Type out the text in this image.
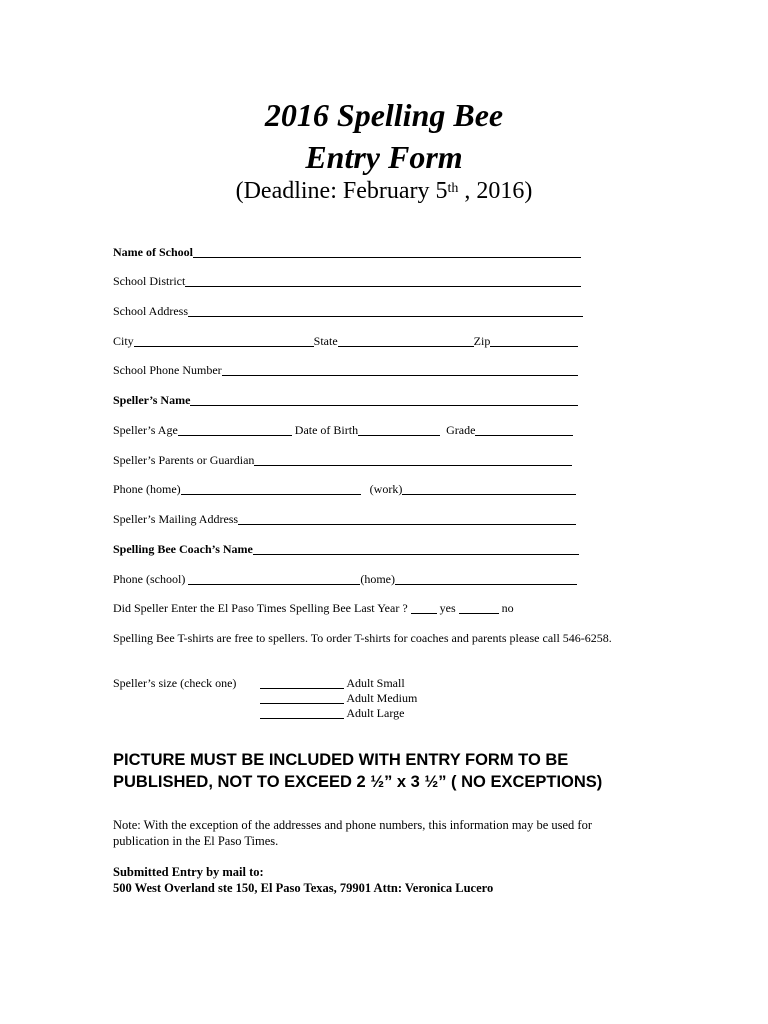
2016 Spelling Bee
Entry Form
(Deadline: February 5th , 2016)
Name of School
School District
School Address
City	State	Zip
School Phone Number
Speller’s Name
Speller’s Age	Date of Birth	Grade
Speller’s Parents or Guardian
Phone (home)	(work)
Speller’s Mailing Address
Spelling Bee Coach’s Name
Phone (school)	(home)
Did Speller Enter the El Paso Times Spelling Bee Last Year ?	yes	no
Spelling Bee T-shirts are free to spellers. To order T-shirts for coaches and parents please call 546-6258.
Speller’s size (check one)	Adult Small
Adult Medium
Adult Large
PICTURE MUST BE INCLUDED WITH ENTRY FORM TO BE
PUBLISHED, NOT TO EXCEED 2 ½” x 3 ½” ( NO EXCEPTIONS)
Note: With the exception of the addresses and phone numbers, this information may be used for
publication in the El Paso Times.
Submitted Entry by mail to:
500 West Overland ste 150, El Paso Texas, 79901 Attn: Veronica Lucero
